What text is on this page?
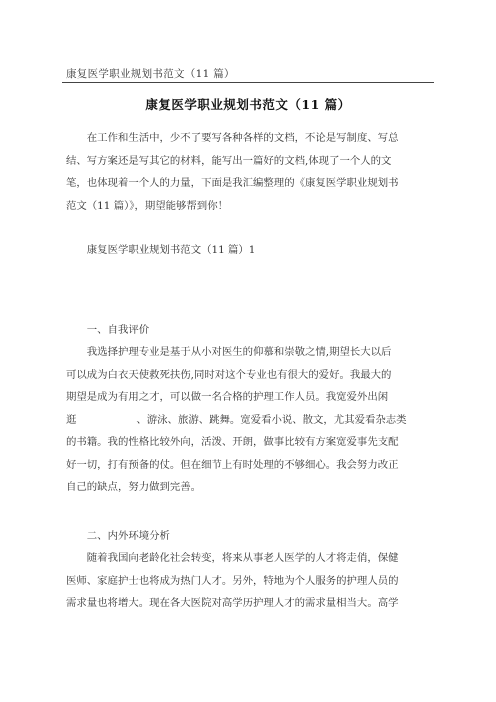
康复医学职业规划书范文（11 篇）
康复医学职业规划书范文（11 篇）
在工作和生活中，少不了要写各种各样的文档，不论是写制度、写总
结、写方案还是写其它的材料，能写出一篇好的文档,体现了一个人的文
笔，也体现着一个人的力量，下面是我汇编整理的《康复医学职业规划书
范文（11 篇）》，期望能够帮到你！
康复医学职业规划书范文（11 篇）1
一、自我评价
我选择护理专业是基于从小对医生的仰慕和崇敬之情,期望长大以后
可以成为白衣天使救死扶伤,同时对这个专业也有很大的爱好。我最大的
期望是成为有用之才，可以做一名合格的护理工作人员。我宽爱外出闲
逛	、游泳、旅游、跳舞。宽爱看小说、散文，尤其爱看杂志类
的书籍。我的性格比较外向，活泼、开朗，做事比较有方案宽爱事先支配
好一切，打有预备的仗。但在细节上有时处理的不够细心。我会努力改正
自己的缺点，努力做到完善。
二、内外环境分析
随着我国向老龄化社会转变，将来从事老人医学的人才将走俏，保健
医师、家庭护士也将成为热门人才。另外，特地为个人服务的护理人员的
需求量也将增大。现在各大医院对高学历护理人才的需求量相当大。高学
